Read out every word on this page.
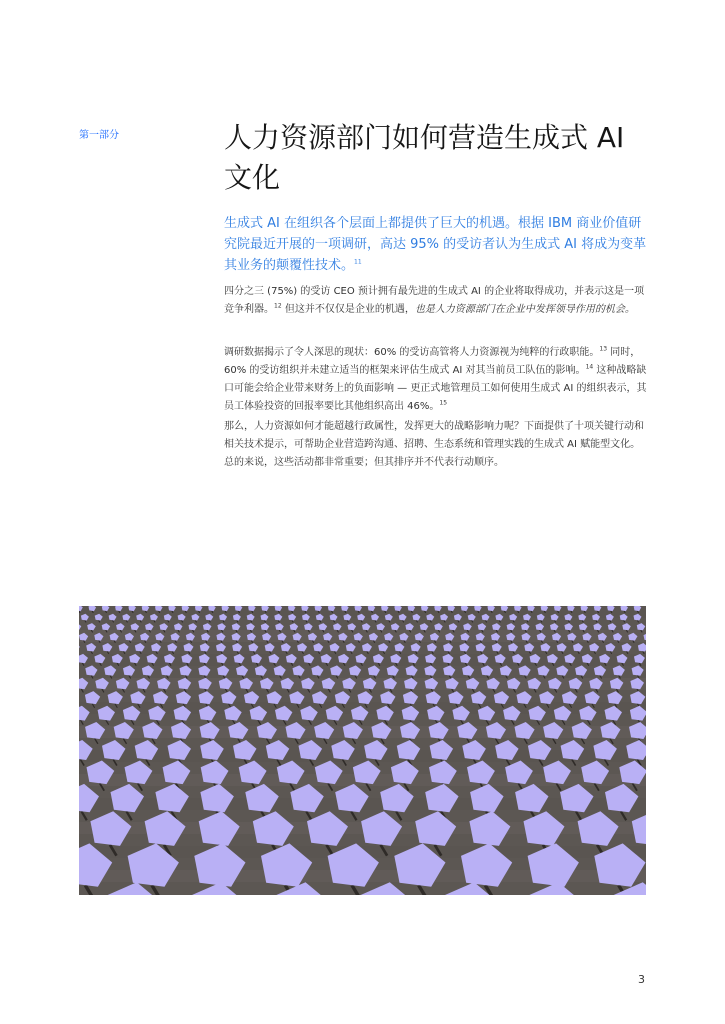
第一部分	人力资源部门如何营造生成式 AI 文化

生成式 AI 在组织各个层面上都提供了巨大的机遇。根据 IBM 商业价值研究院最近开展的一项调研，高达 95% 的受访者认为生成式 AI 将成为变革其业务的颠覆性技术。$^{11}$

四分之三 (75%) 的受访 CEO 预计拥有最先进的生成式 AI 的企业将取得成功，并表示这是一项竞争利器。$^{12}$ 但这并不仅仅是企业的机遇，也是人力资源部门在企业中发挥领导作用的机会。

调研数据揭示了令人深思的现状：60% 的受访高管将人力资源视为纯粹的行政职能。$^{13}$ 同时，60% 的受访组织并未建立适当的框架来评估生成式 AI 对其当前员工队伍的影响。$^{14}$ 这种战略缺口可能会给企业带来财务上的负面影响 — 更正式地管理员工如何使用生成式 AI 的组织表示，其员工体验投资的回报率要比其他组织高出 46%。$^{15}$

那么，人力资源如何才能超越行政属性，发挥更大的战略影响力呢？下面提供了十项关键行动和相关技术提示，可帮助企业营造跨沟通、招聘、生态系统和管理实践的生成式 AI 赋能型文化。总的来说，这些活动都非常重要；但其排序并不代表行动顺序。

3
